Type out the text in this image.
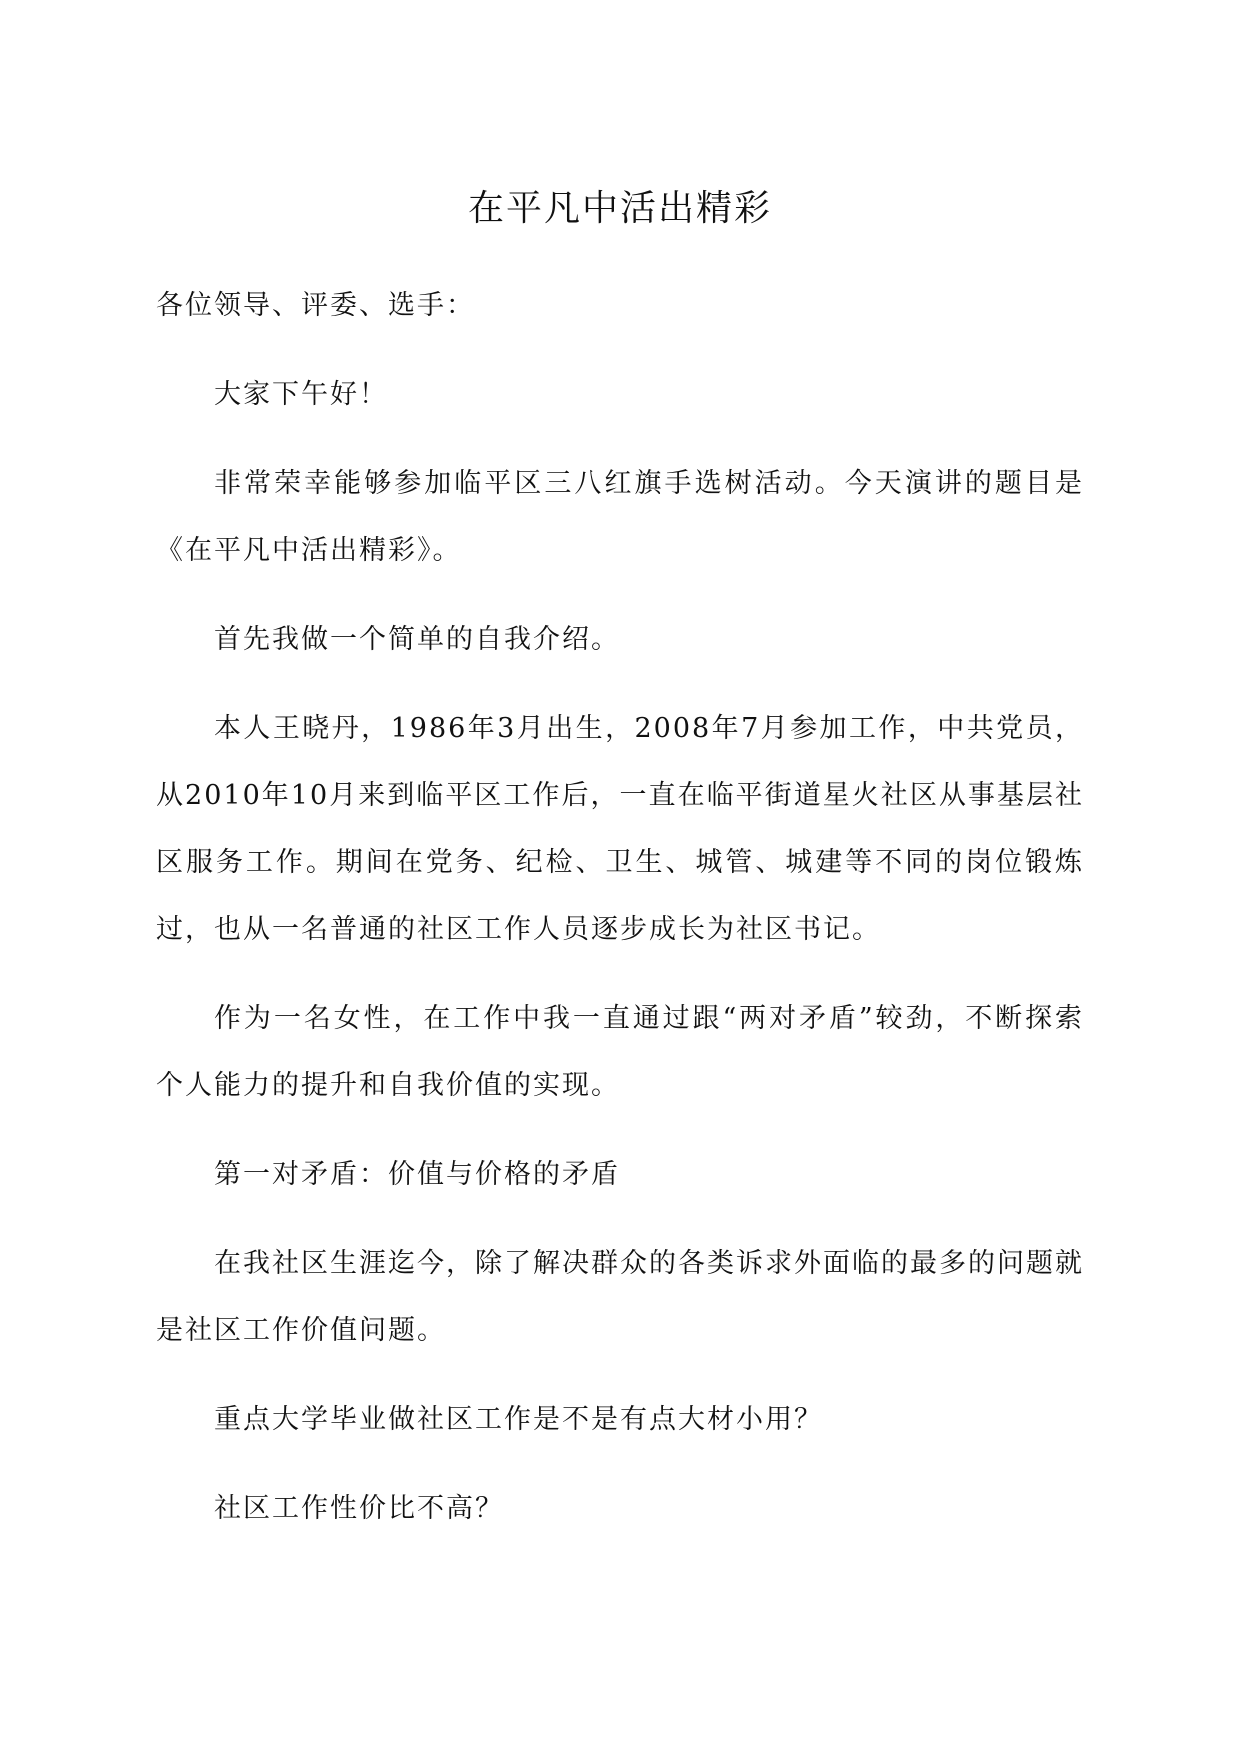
在平凡中活出精彩

各位领导、评委、选手：

大家下午好！

非常荣幸能够参加临平区三八红旗手选树活动。今天演讲的题目是《在平凡中活出精彩》。

首先我做一个简单的自我介绍。

本人王晓丹，1986年3月出生，2008年7月参加工作，中共党员，从2010年10月来到临平区工作后，一直在临平街道星火社区从事基层社区服务工作。期间在党务、纪检、卫生、城管、城建等不同的岗位锻炼过，也从一名普通的社区工作人员逐步成长为社区书记。

作为一名女性，在工作中我一直通过跟“两对矛盾”较劲，不断探索个人能力的提升和自我价值的实现。

第一对矛盾：价值与价格的矛盾

在我社区生涯迄今，除了解决群众的各类诉求外面临的最多的问题就是社区工作价值问题。

重点大学毕业做社区工作是不是有点大材小用？

社区工作性价比不高？
